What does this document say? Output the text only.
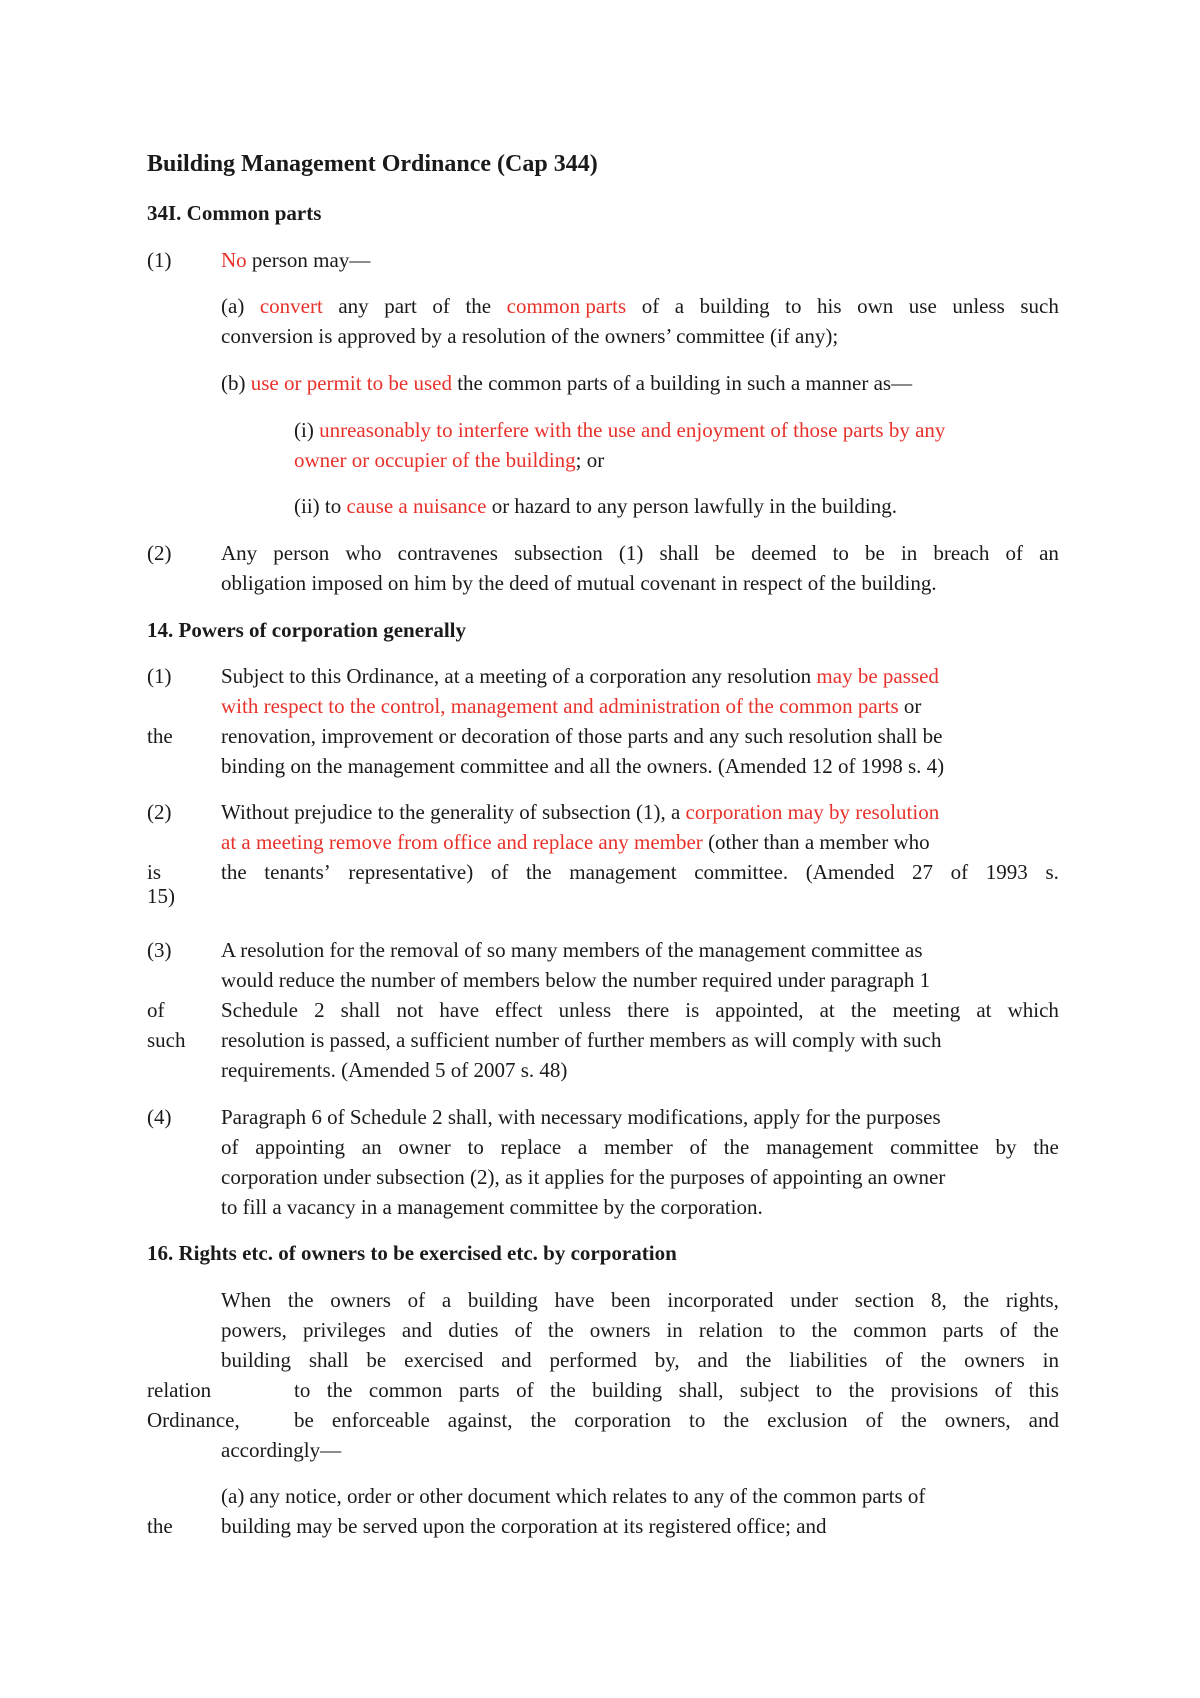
Building Management Ordinance (Cap 344)
34I. Common parts
(1) No person may—
(a) convert any part of the common parts of a building to his own use unless such
conversion is approved by a resolution of the owners’ committee (if any);
(b) use or permit to be used the common parts of a building in such a manner as—
(i) unreasonably to interfere with the use and enjoyment of those parts by any
owner or occupier of the building; or
(ii) to cause a nuisance or hazard to any person lawfully in the building.
(2) Any person who contravenes subsection (1) shall be deemed to be in breach of an
obligation imposed on him by the deed of mutual covenant in respect of the building.
14. Powers of corporation generally
(1) Subject to this Ordinance, at a meeting of a corporation any resolution may be passed
with respect to the control, management and administration of the common parts or
the renovation, improvement or decoration of those parts and any such resolution shall be
binding on the management committee and all the owners. (Amended 12 of 1998 s. 4)
(2) Without prejudice to the generality of subsection (1), a corporation may by resolution
at a meeting remove from office and replace any member (other than a member who
is	the tenants’ representative) of the management committee. (Amended 27 of 1993 s.
15)
(3) A resolution for the removal of so many members of the management committee as
would reduce the number of members below the number required under paragraph 1
of	Schedule 2 shall not have effect unless there is appointed, at the meeting at which
such resolution is passed, a sufficient number of further members as will comply with such
requirements. (Amended 5 of 2007 s. 48)
(4) Paragraph 6 of Schedule 2 shall, with necessary modifications, apply for the purposes
of appointing an owner to replace a member of the management committee by the
corporation under subsection (2), as it applies for the purposes of appointing an owner
to fill a vacancy in a management committee by the corporation.
16. Rights etc. of owners to be exercised etc. by corporation
When the owners of a building have been incorporated under section 8, the rights,
powers, privileges and duties of the owners in relation to the common parts of the
building shall be exercised and performed by, and the liabilities of the owners in
relation	to the common parts of the building shall, subject to the provisions of this
Ordinance,	be enforceable against, the corporation to the exclusion of the owners, and
accordingly—
(a) any notice, order or other document which relates to any of the common parts of
the building may be served upon the corporation at its registered office; and
